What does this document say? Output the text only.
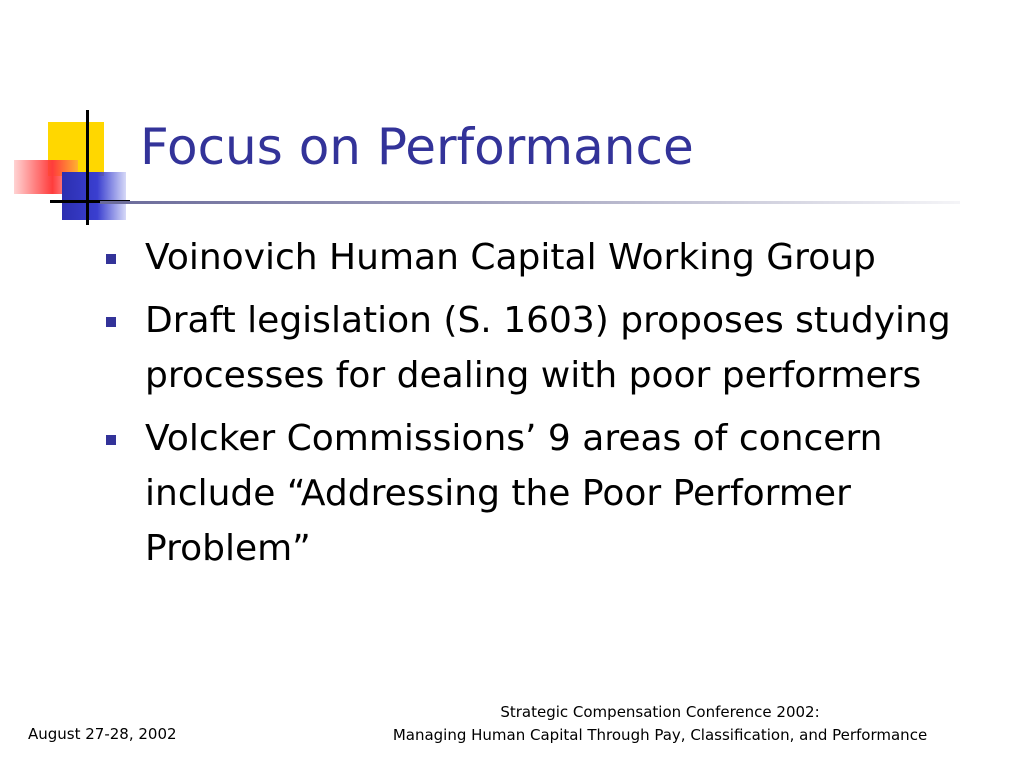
Focus on Performance
Voinovich Human Capital Working Group
Draft legislation (S. 1603) proposes studying processes for dealing with poor performers
Volcker Commissions’ 9 areas of concern include “Addressing the Poor Performer Problem”
August 27-28, 2002
Strategic Compensation Conference 2002:
Managing Human Capital Through Pay, Classification, and Performance
